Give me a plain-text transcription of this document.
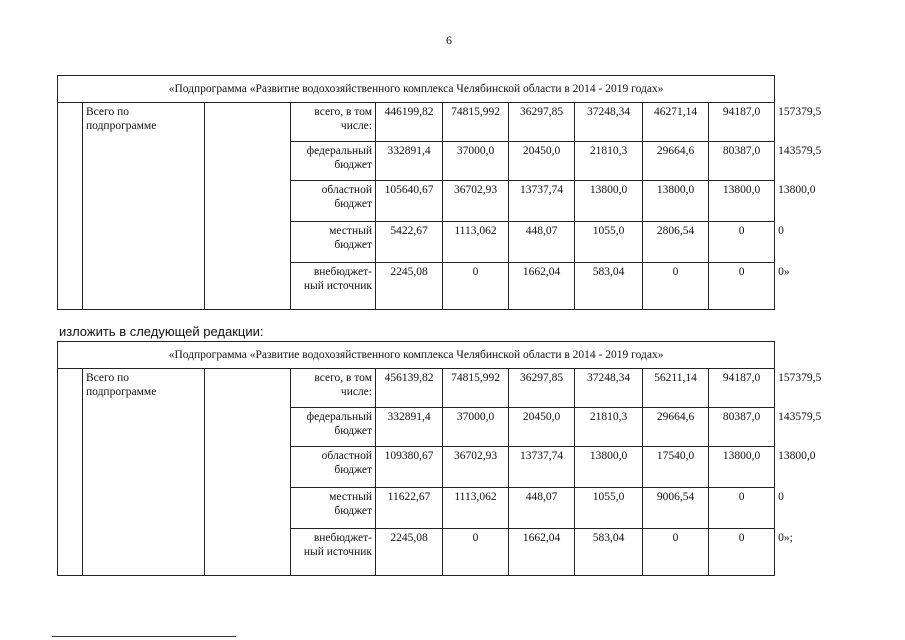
6
«Подпрограмма «Развитие водохозяйственного комплекса Челябинской области в 2014 - 2019 годах»										
	Всего по подпрограмме		всего, в том числе:	446199,82	74815,992	36297,85	37248,34	46271,14	94187,0	157379,5
			федеральный бюджет	332891,4	37000,0	20450,0	21810,3	29664,6	80387,0	143579,5
			областной бюджет	105640,67	36702,93	13737,74	13800,0	13800,0	13800,0	13800,0
			местный бюджет	5422,67	1113,062	448,07	1055,0	2806,54	0	0
			внебюджет-ный источник	2245,08	0	1662,04	583,04	0	0	0»
изложить в следующей редакции:
«Подпрограмма «Развитие водохозяйственного комплекса Челябинской области в 2014 - 2019 годах»										
	Всего по подпрограмме		всего, в том числе:	456139,82	74815,992	36297,85	37248,34	56211,14	94187,0	157379,5
			федеральный бюджет	332891,4	37000,0	20450,0	21810,3	29664,6	80387,0	143579,5
			областной бюджет	109380,67	36702,93	13737,74	13800,0	17540,0	13800,0	13800,0
			местный бюджет	11622,67	1113,062	448,07	1055,0	9006,54	0	0
			внебюджет-ный источник	2245,08	0	1662,04	583,04	0	0	0»;
